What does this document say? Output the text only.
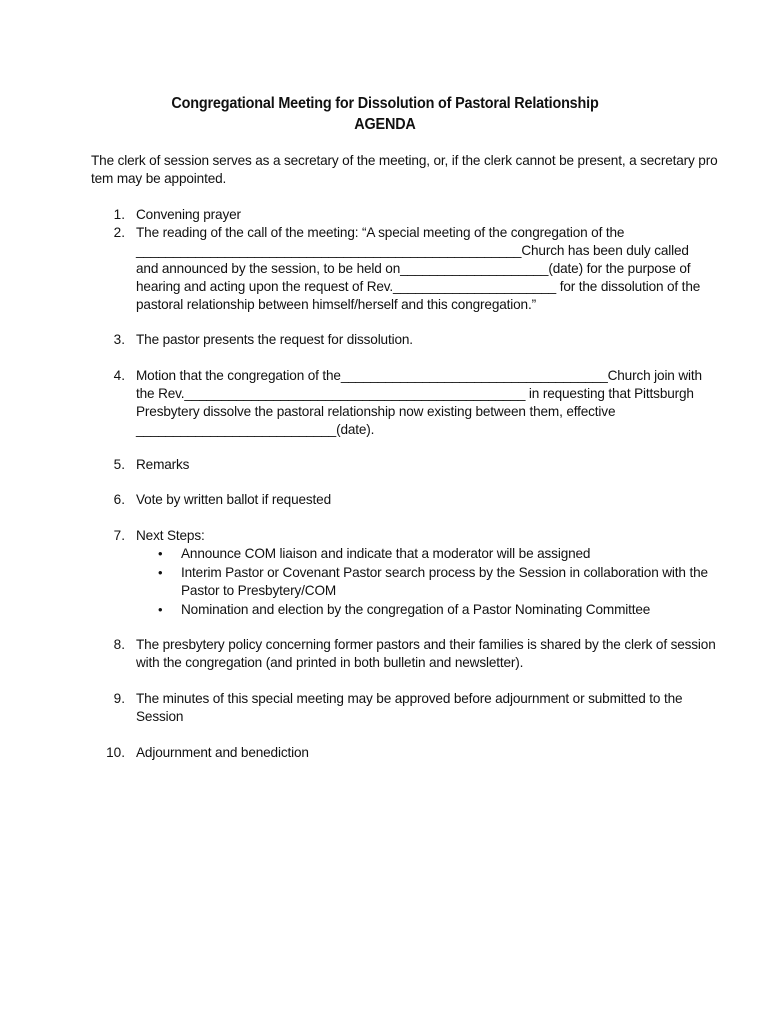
Congregational Meeting for Dissolution of Pastoral Relationship
AGENDA
The clerk of session serves as a secretary of the meeting, or, if the clerk cannot be present, a secretary pro
tem may be appointed.
1. Convening prayer
2. The reading of the call of the meeting: “A special meeting of the congregation of the
____________________________________________________Church has been duly called
and announced by the session, to be held on____________________(date) for the purpose of
hearing and acting upon the request of Rev.______________________ for the dissolution of the
pastoral relationship between himself/herself and this congregation.”
3. The pastor presents the request for dissolution.
4. Motion that the congregation of the____________________________________Church join with
the Rev.______________________________________________ in requesting that Pittsburgh
Presbytery dissolve the pastoral relationship now existing between them, effective
___________________________(date).
5. Remarks
6. Vote by written ballot if requested
7. Next Steps:
• Announce COM liaison and indicate that a moderator will be assigned
• Interim Pastor or Covenant Pastor search process by the Session in collaboration with the
Pastor to Presbytery/COM
• Nomination and election by the congregation of a Pastor Nominating Committee
8. The presbytery policy concerning former pastors and their families is shared by the clerk of session
with the congregation (and printed in both bulletin and newsletter).
9. The minutes of this special meeting may be approved before adjournment or submitted to the
Session
10. Adjournment and benediction
